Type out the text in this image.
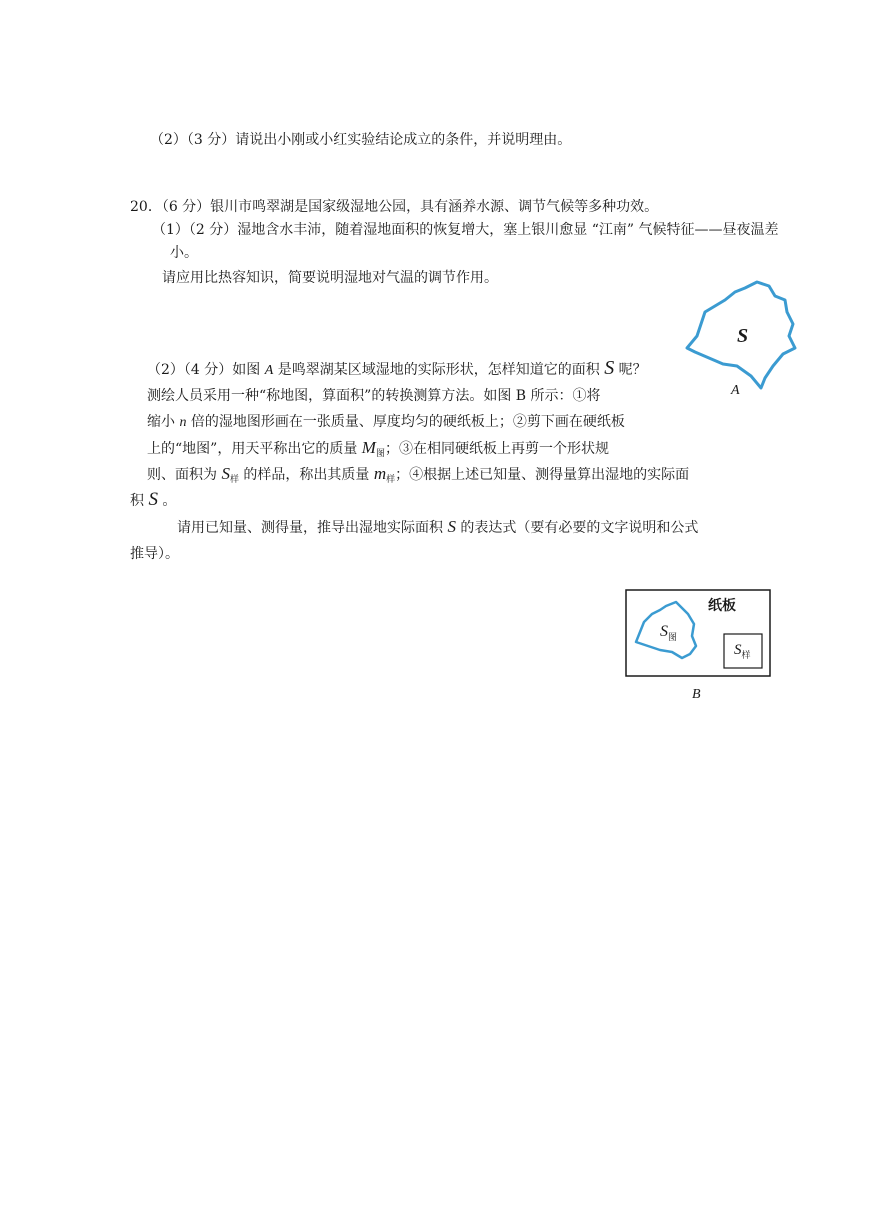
（2）（3 分）请说出小刚或小红实验结论成立的条件，并说明理由。
20．（6 分）银川市鸣翠湖是国家级湿地公园，具有涵养水源、调节气候等多种功效。
（1）（2 分）湿地含水丰沛，随着湿地面积的恢复增大，塞上银川愈显 “江南” 气候特征——昼夜温差
小。
请应用比热容知识，简要说明湿地对气温的调节作用。
（2）（4 分）如图 A 是鸣翠湖某区域湿地的实际形状，怎样知道它的面积 S 呢？
测绘人员采用一种“称地图，算面积”的转换测算方法。如图 B 所示：①将
缩小 n 倍的湿地图形画在一张质量、厚度均匀的硬纸板上；②剪下画在硬纸板
上的“地图”，用天平称出它的质量 $M_图$；③在相同硬纸板上再剪一个形状规
则、面积为 $S_样$ 的样品，称出其质量 $m_样$；④根据上述已知量、测得量算出湿地的实际面
积 S 。
请用已知量、测得量，推导出湿地实际面积 S 的表达式（要有必要的文字说明和公式
推导）。
S
A
纸板
$S_图$
$S_样$
B
